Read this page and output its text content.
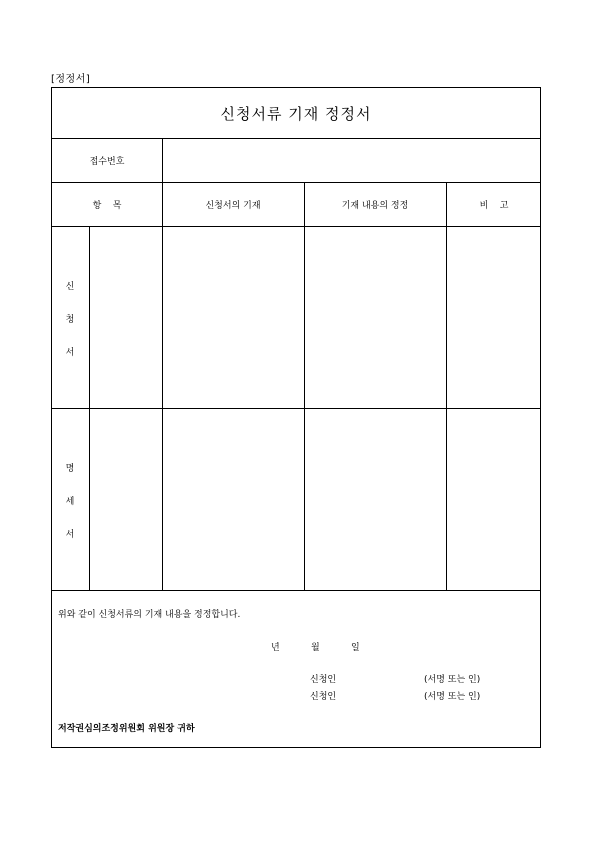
[정정서]
신청서류 기재 정정서
접수번호
항    목	신청서의 기재	기재 내용의 정정	비    고
신
청
서
명
세
서
위와 같이 신청서류의 기재 내용을 정정합니다.
년	월	일
신청인	(서명 또는 인)
신청인	(서명 또는 인)
저작권심의조정위원회 위원장 귀하
